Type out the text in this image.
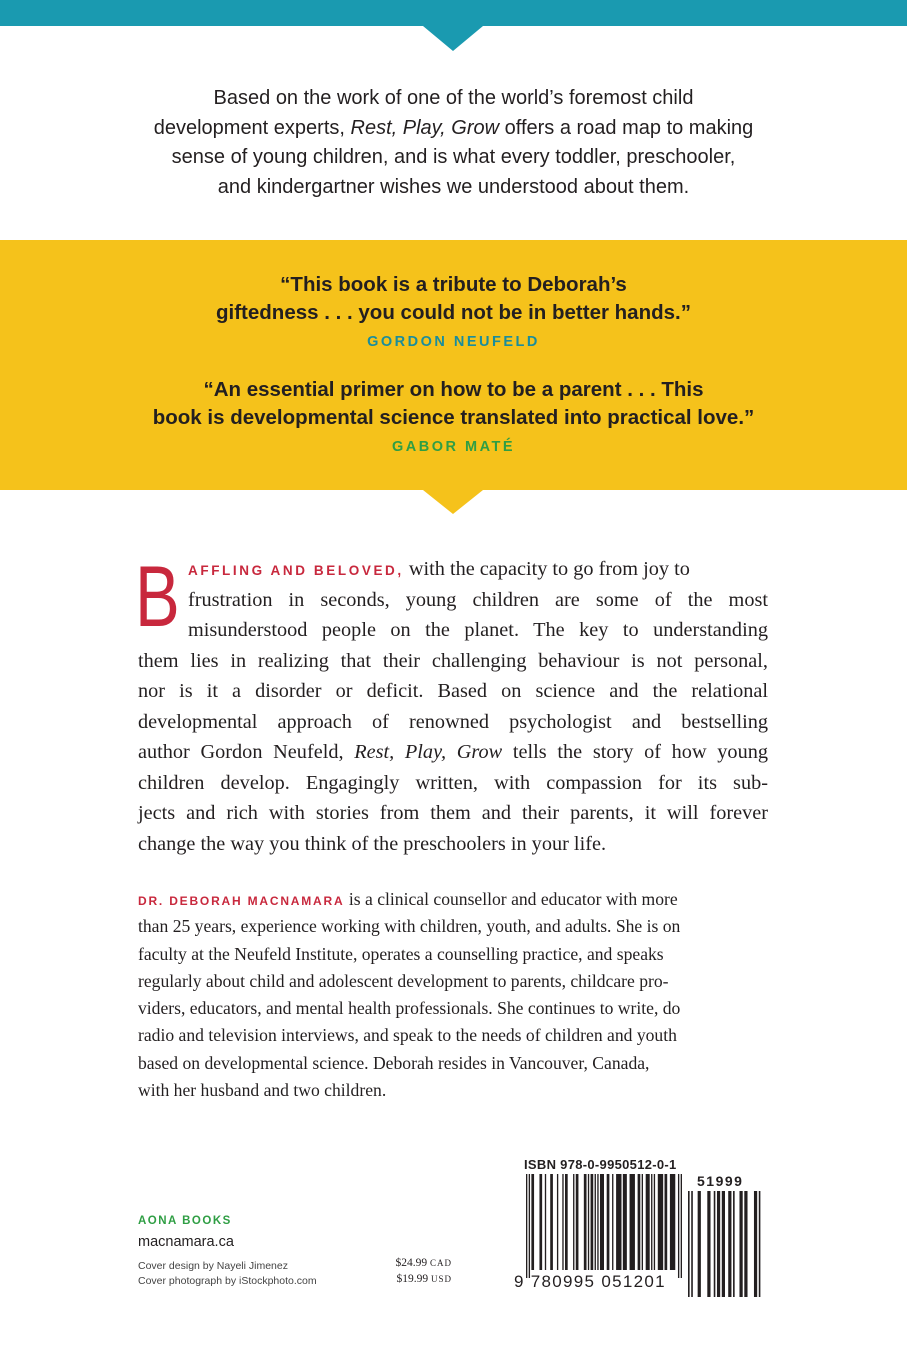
Based on the work of one of the world’s foremost child
development experts, Rest, Play, Grow offers a road map to making
sense of young children, and is what every toddler, preschooler,
and kindergartner wishes we understood about them.
“This book is a tribute to Deborah’s
giftedness . . . you could not be in better hands.”
GORDON NEUFELD
“An essential primer on how to be a parent . . . This
book is developmental science translated into practical love.”
GABOR MATÉ
B AFFLING AND BELOVED, with the capacity to go from joy to
frustration in seconds, young children are some of the most
misunderstood people on the planet. The key to understanding
them lies in realizing that their challenging behaviour is not personal,
nor is it a disorder or deficit. Based on science and the relational
developmental approach of renowned psychologist and bestselling
author Gordon Neufeld, Rest, Play, Grow tells the story of how young
children develop. Engagingly written, with compassion for its sub-
jects and rich with stories from them and their parents, it will forever
change the way you think of the preschoolers in your life.
DR. DEBORAH MACNAMARA is a clinical counsellor and educator with more
than 25 years, experience working with children, youth, and adults. She is on
faculty at the Neufeld Institute, operates a counselling practice, and speaks
regularly about child and adolescent development to parents, childcare pro-
viders, educators, and mental health professionals. She continues to write, do
radio and television interviews, and speak to the needs of children and youth
based on developmental science. Deborah resides in Vancouver, Canada,
with her husband and two children.
AONA BOOKS
macnamara.ca
Cover design by Nayeli Jimenez
Cover photograph by iStockphoto.com
$24.99 CAD
$19.99 USD
ISBN 978-0-9950512-0-1
9 780995 051201
51999
